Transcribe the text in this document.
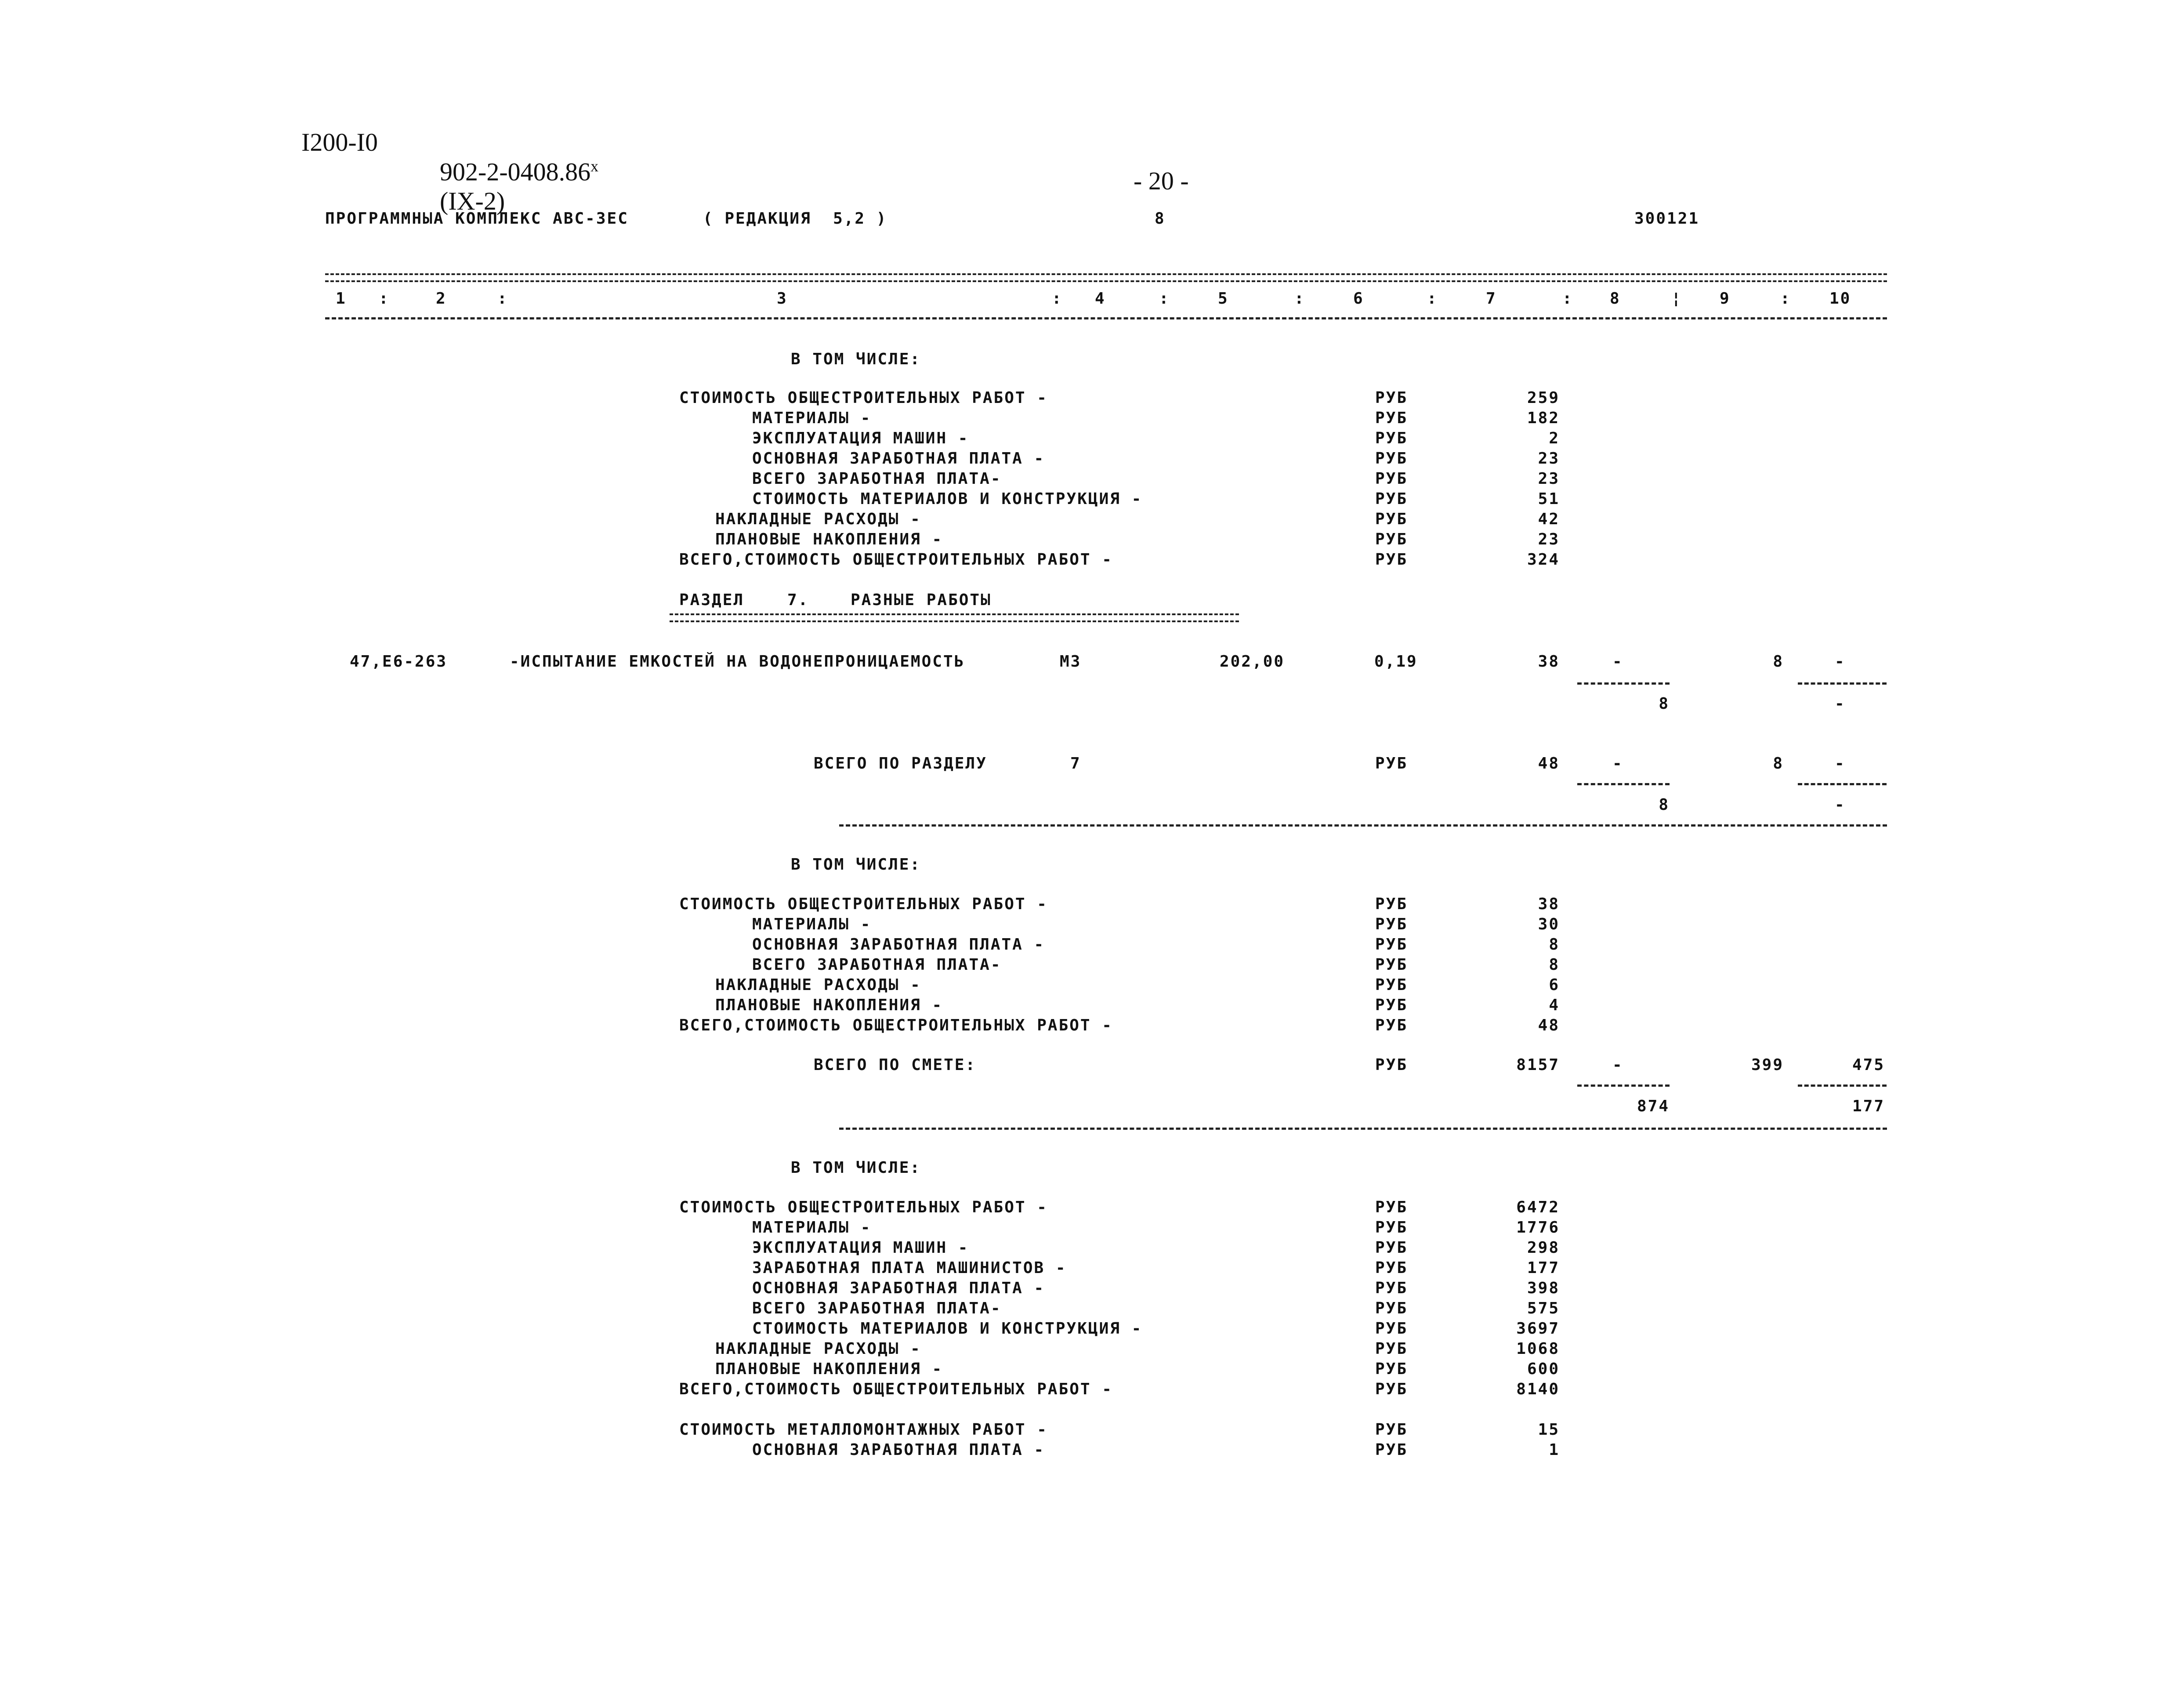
I200-I0

902-2-0408.86$^x$
(IX-2)

- 20 -
ПРОГРАММНЫА КОМПЛЕКС АВС-ЗЕС	( РЕДАКЦИЯ  5,2 )	8	300121
1 :	2	:	3	: 4	:	5	:	6	:	7	: 8	¦ 9	: 10
В ТОМ ЧИСЛЕ:
СТОИМОСТЬ ОБЩЕСТРОИТЕЛЬНЫХ РАБОТ -	РУБ	259
МАТЕРИАЛЫ -	РУБ	182
ЭКСПЛУАТАЦИЯ МАШИН -	РУБ	2
ОСНОВНАЯ ЗАРАБОТНАЯ ПЛАТА -	РУБ	23
ВСЕГО ЗАРАБОТНАЯ ПЛАТА-	РУБ	23
СТОИМОСТЬ МАТЕРИАЛОВ И КОНСТРУКЦИЯ -	РУБ	51
НАКЛАДНЫЕ РАСХОДЫ -	РУБ	42
ПЛАНОВЫЕ НАКОПЛЕНИЯ -	РУБ	23
ВСЕГО,СТОИМОСТЬ ОБЩЕСТРОИТЕЛЬНЫХ РАБОТ -	РУБ	324
РАЗДЕЛ	7.	РАЗНЫЕ РАБОТЫ
47,Е6-263	-ИСПЫТАНИЕ ЕМКОСТЕЙ НА ВОДОНЕПРОНИЦАЕМОСТЬ	М3	202,00	0,19	38	-	8	-
8	-
ВСЕГО ПО РАЗДЕЛУ	7	РУБ	48	-	8	-
8	-
В ТОМ ЧИСЛЕ:
СТОИМОСТЬ ОБЩЕСТРОИТЕЛЬНЫХ РАБОТ -	РУБ	38
МАТЕРИАЛЫ -	РУБ	30
ОСНОВНАЯ ЗАРАБОТНАЯ ПЛАТА -	РУБ	8
ВСЕГО ЗАРАБОТНАЯ ПЛАТА-	РУБ	8
НАКЛАДНЫЕ РАСХОДЫ -	РУБ	6
ПЛАНОВЫЕ НАКОПЛЕНИЯ -	РУБ	4
ВСЕГО,СТОИМОСТЬ ОБЩЕСТРОИТЕЛЬНЫХ РАБОТ -	РУБ	48
ВСЕГО ПО СМЕТЕ:	РУБ	8157	-	399	475
874	177
В ТОМ ЧИСЛЕ:
СТОИМОСТЬ ОБЩЕСТРОИТЕЛЬНЫХ РАБОТ -	РУБ	6472
МАТЕРИАЛЫ -	РУБ	1776
ЭКСПЛУАТАЦИЯ МАШИН -	РУБ	298
ЗАРАБОТНАЯ ПЛАТА МАШИНИСТОВ -	РУБ	177
ОСНОВНАЯ ЗАРАБОТНАЯ ПЛАТА -	РУБ	398
ВСЕГО ЗАРАБОТНАЯ ПЛАТА-	РУБ	575
СТОИМОСТЬ МАТЕРИАЛОВ И КОНСТРУКЦИЯ -	РУБ	3697
НАКЛАДНЫЕ РАСХОДЫ -	РУБ	1068
ПЛАНОВЫЕ НАКОПЛЕНИЯ -	РУБ	600
ВСЕГО,СТОИМОСТЬ ОБЩЕСТРОИТЕЛЬНЫХ РАБОТ -	РУБ	8140
СТОИМОСТЬ МЕТАЛЛОМОНТАЖНЫХ РАБОТ -	РУБ	15
ОСНОВНАЯ ЗАРАБОТНАЯ ПЛАТА -	РУБ	1
